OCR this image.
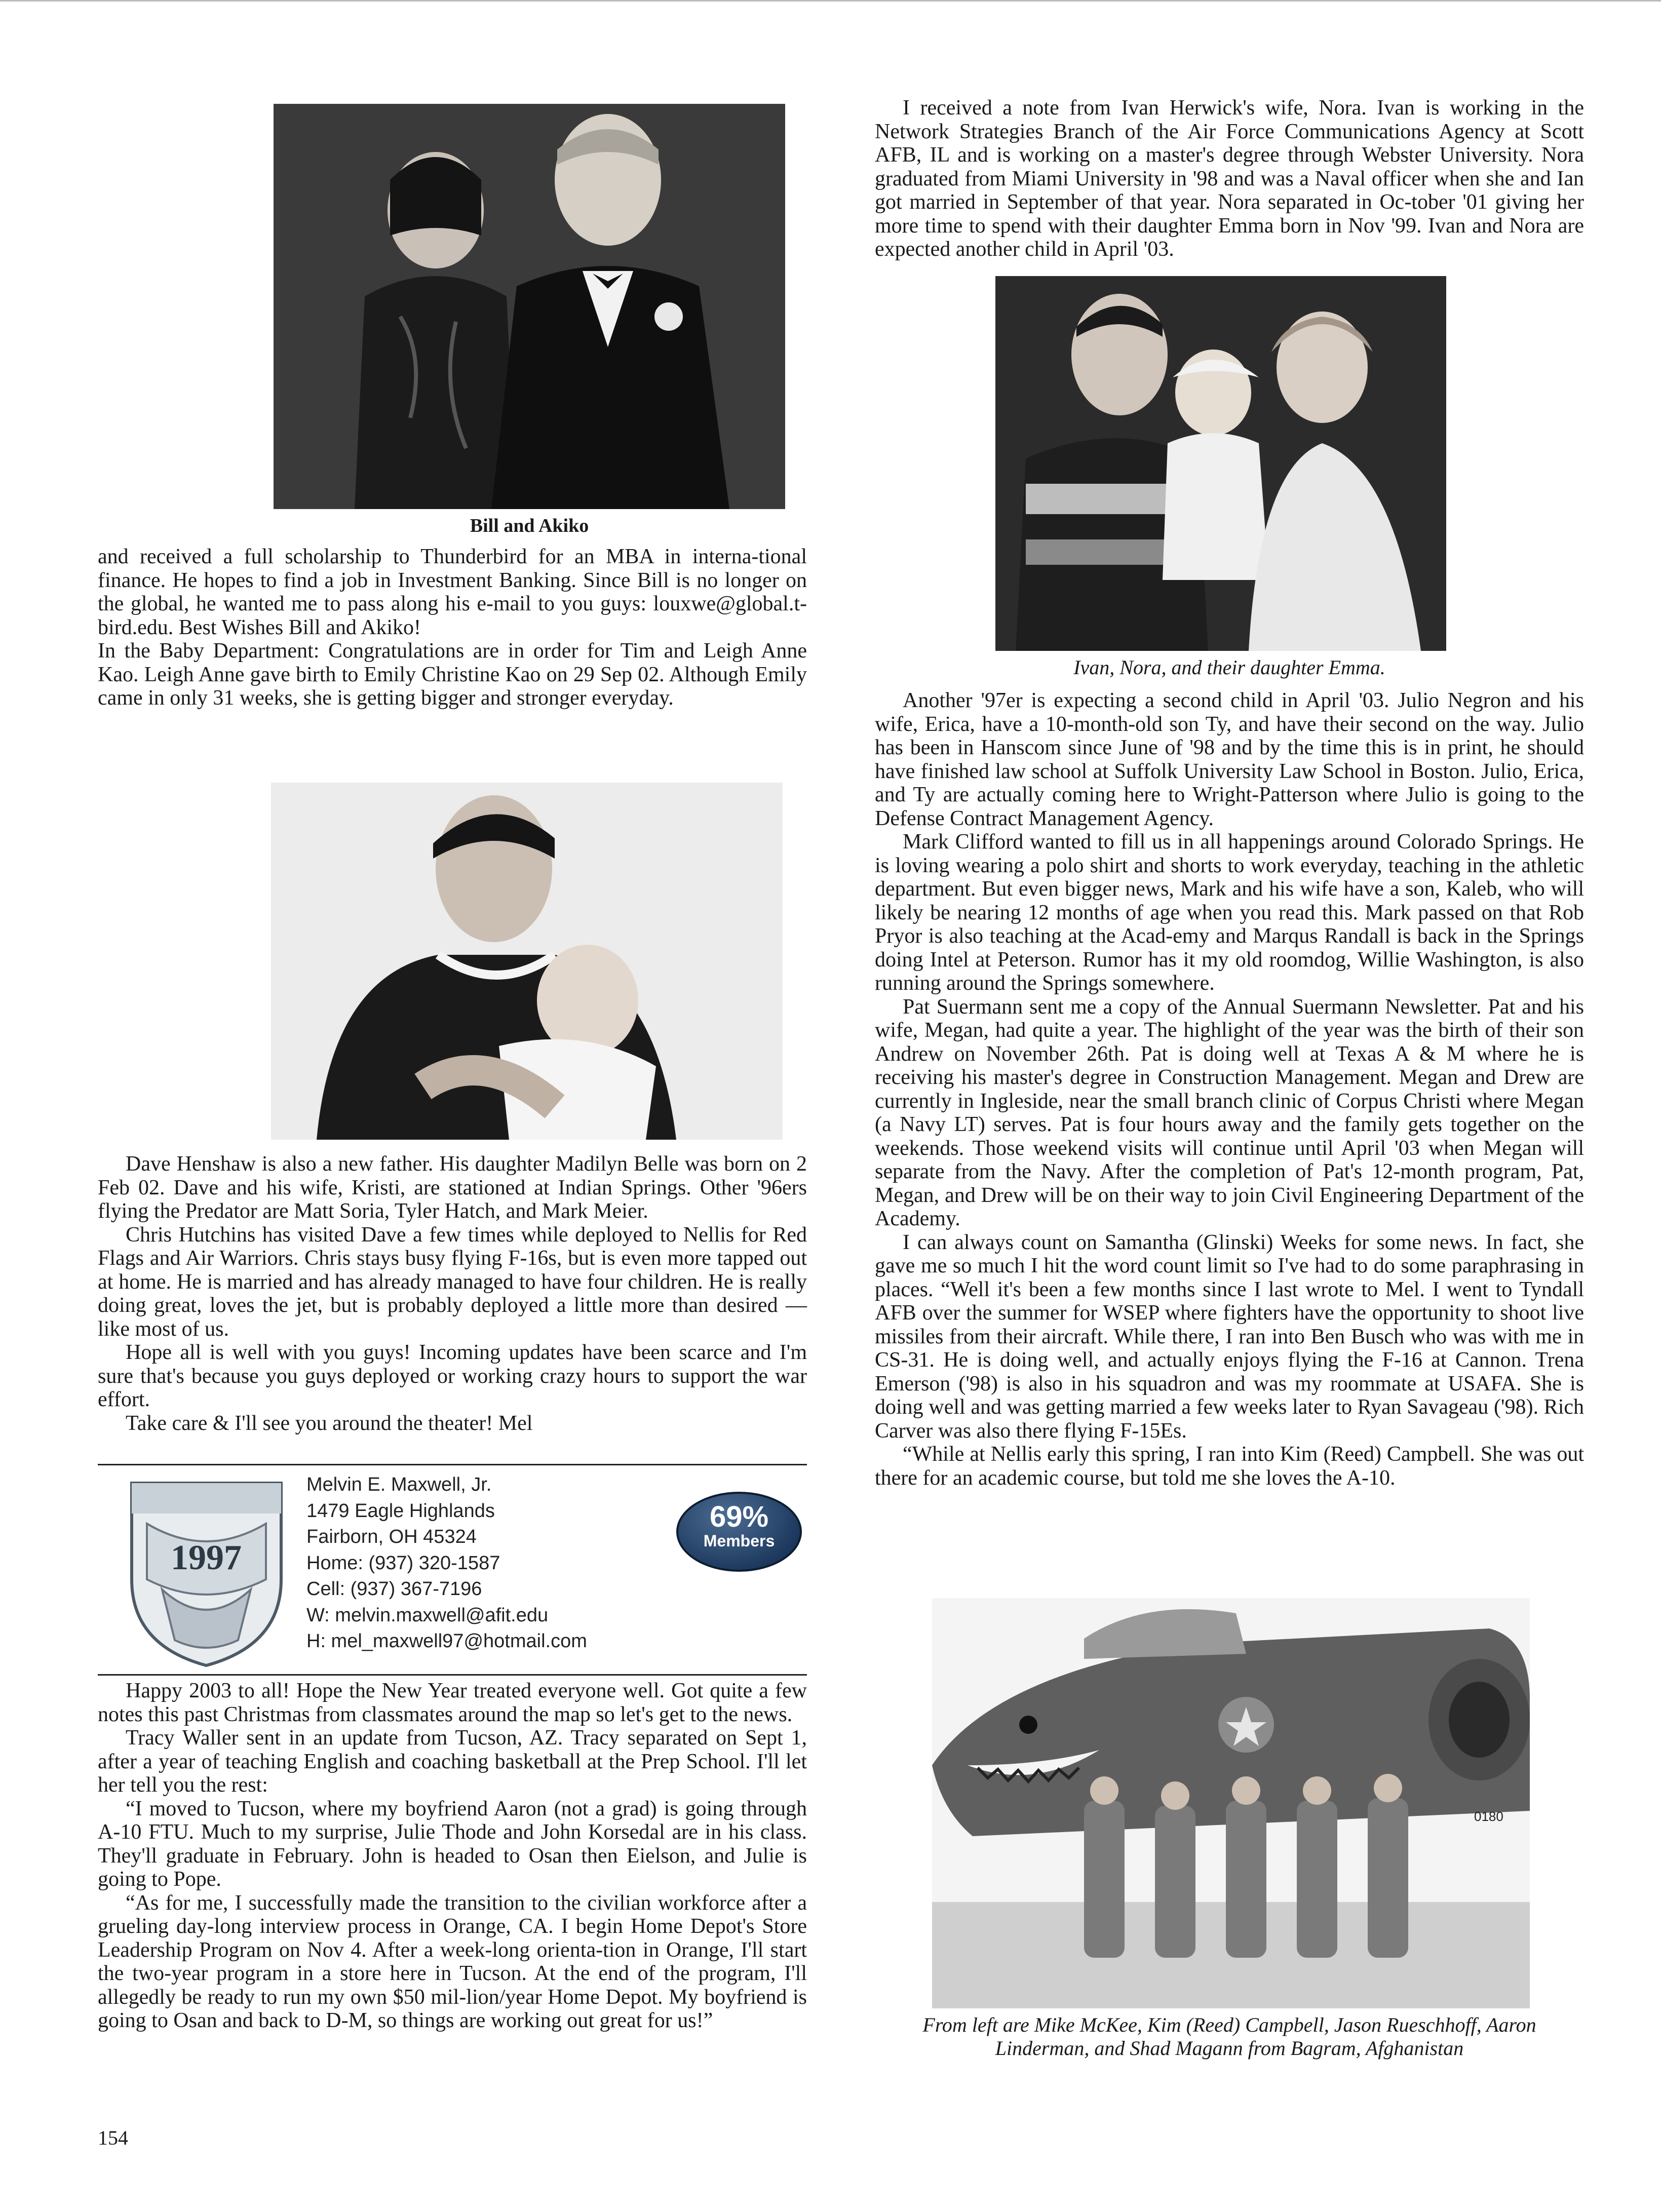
Bill and Akiko

and received a full scholarship to Thunderbird for an MBA in interna-tional finance. He hopes to find a job in Investment Banking. Since Bill is no longer on the global, he wanted me to pass along his e-mail to you guys: louxwe@global.t-bird.edu. Best Wishes Bill and Akiko!

In the Baby Department: Congratulations are in order for Tim and Leigh Anne Kao. Leigh Anne gave birth to Emily Christine Kao on 29 Sep 02. Although Emily came in only 31 weeks, she is getting bigger and stronger everyday.

Dave Henshaw is also a new father. His daughter Madilyn Belle was born on 2 Feb 02. Dave and his wife, Kristi, are stationed at Indian Springs. Other '96ers flying the Predator are Matt Soria, Tyler Hatch, and Mark Meier.

Chris Hutchins has visited Dave a few times while deployed to Nellis for Red Flags and Air Warriors. Chris stays busy flying F-16s, but is even more tapped out at home. He is married and has already managed to have four children. He is really doing great, loves the jet, but is probably deployed a little more than desired — like most of us.

Hope all is well with you guys! Incoming updates have been scarce and I'm sure that's because you guys deployed or working crazy hours to support the war effort.

Take care & I'll see you around the theater! Mel

1997
Melvin E. Maxwell, Jr.
1479 Eagle Highlands
Fairborn, OH 45324
Home: (937) 320-1587
Cell: (937) 367-7196
W: melvin.maxwell@afit.edu
H: mel_maxwell97@hotmail.com
69%
Members

Happy 2003 to all! Hope the New Year treated everyone well. Got quite a few notes this past Christmas from classmates around the map so let's get to the news.

Tracy Waller sent in an update from Tucson, AZ. Tracy separated on Sept 1, after a year of teaching English and coaching basketball at the Prep School. I'll let her tell you the rest:

“I moved to Tucson, where my boyfriend Aaron (not a grad) is going through A-10 FTU. Much to my surprise, Julie Thode and John Korsedal are in his class. They'll graduate in February. John is headed to Osan then Eielson, and Julie is going to Pope.

“As for me, I successfully made the transition to the civilian workforce after a grueling day-long interview process in Orange, CA. I begin Home Depot's Store Leadership Program on Nov 4. After a week-long orienta-tion in Orange, I'll start the two-year program in a store here in Tucson. At the end of the program, I'll allegedly be ready to run my own $50 mil-lion/year Home Depot. My boyfriend is going to Osan and back to D-M, so things are working out great for us!”

I received a note from Ivan Herwick's wife, Nora. Ivan is working in the Network Strategies Branch of the Air Force Communications Agency at Scott AFB, IL and is working on a master's degree through Webster University. Nora graduated from Miami University in '98 and was a Naval officer when she and Ian got married in September of that year. Nora separated in Oc-tober '01 giving her more time to spend with their daughter Emma born in Nov '99. Ivan and Nora are expected another child in April '03.

Ivan, Nora, and their daughter Emma.

Another '97er is expecting a second child in April '03. Julio Negron and his wife, Erica, have a 10-month-old son Ty, and have their second on the way. Julio has been in Hanscom since June of '98 and by the time this is in print, he should have finished law school at Suffolk University Law School in Boston. Julio, Erica, and Ty are actually coming here to Wright-Patterson where Julio is going to the Defense Contract Management Agency.

Mark Clifford wanted to fill us in all happenings around Colorado Springs. He is loving wearing a polo shirt and shorts to work everyday, teaching in the athletic department. But even bigger news, Mark and his wife have a son, Kaleb, who will likely be nearing 12 months of age when you read this. Mark passed on that Rob Pryor is also teaching at the Acad-emy and Marqus Randall is back in the Springs doing Intel at Peterson. Rumor has it my old roomdog, Willie Washington, is also running around the Springs somewhere.

Pat Suermann sent me a copy of the Annual Suermann Newsletter. Pat and his wife, Megan, had quite a year. The highlight of the year was the birth of their son Andrew on November 26th. Pat is doing well at Texas A & M where he is receiving his master's degree in Construction Management. Megan and Drew are currently in Ingleside, near the small branch clinic of Corpus Christi where Megan (a Navy LT) serves. Pat is four hours away and the family gets together on the weekends. Those weekend visits will continue until April '03 when Megan will separate from the Navy. After the completion of Pat's 12-month program, Pat, Megan, and Drew will be on their way to join Civil Engineering Department of the Academy.

I can always count on Samantha (Glinski) Weeks for some news. In fact, she gave me so much I hit the word count limit so I've had to do some paraphrasing in places. “Well it's been a few months since I last wrote to Mel. I went to Tyndall AFB over the summer for WSEP where fighters have the opportunity to shoot live missiles from their aircraft. While there, I ran into Ben Busch who was with me in CS-31. He is doing well, and actually enjoys flying the F-16 at Cannon. Trena Emerson ('98) is also in his squadron and was my roommate at USAFA. She is doing well and was getting married a few weeks later to Ryan Savageau ('98). Rich Carver was also there flying F-15Es.

“While at Nellis early this spring, I ran into Kim (Reed) Campbell. She was out there for an academic course, but told me she loves the A-10.

0180
From left are Mike McKee, Kim (Reed) Campbell, Jason Rueschhoff, Aaron
Linderman, and Shad Magann from Bagram, Afghanistan
154
